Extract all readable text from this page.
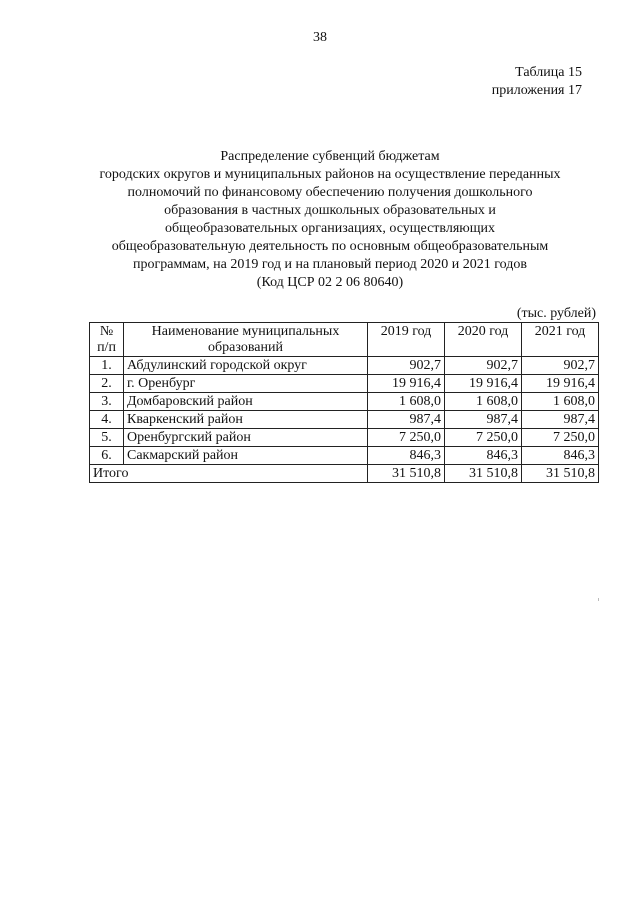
38
Таблица 15
приложения 17
Распределение субвенций бюджетам
городских округов и муниципальных районов на осуществление переданных
полномочий по финансовому обеспечению получения дошкольного
образования в частных дошкольных образовательных и
общеобразовательных организациях, осуществляющих
общеобразовательную деятельность по основным общеобразовательным
программам, на 2019 год и на плановый период 2020 и 2021 годов
(Код ЦСР 02 2 06 80640)
(тыс. рублей)
№ п/п	Наименование муниципальных образований	2019 год	2020 год	2021 год
1.	Абдулинский городской округ	902,7	902,7	902,7
2.	г. Оренбург	19 916,4	19 916,4	19 916,4
3.	Домбаровский район	1 608,0	1 608,0	1 608,0
4.	Кваркенский район	987,4	987,4	987,4
5.	Оренбургский район	7 250,0	7 250,0	7 250,0
6.	Сакмарский район	846,3	846,3	846,3
Итого		31 510,8	31 510,8	31 510,8
